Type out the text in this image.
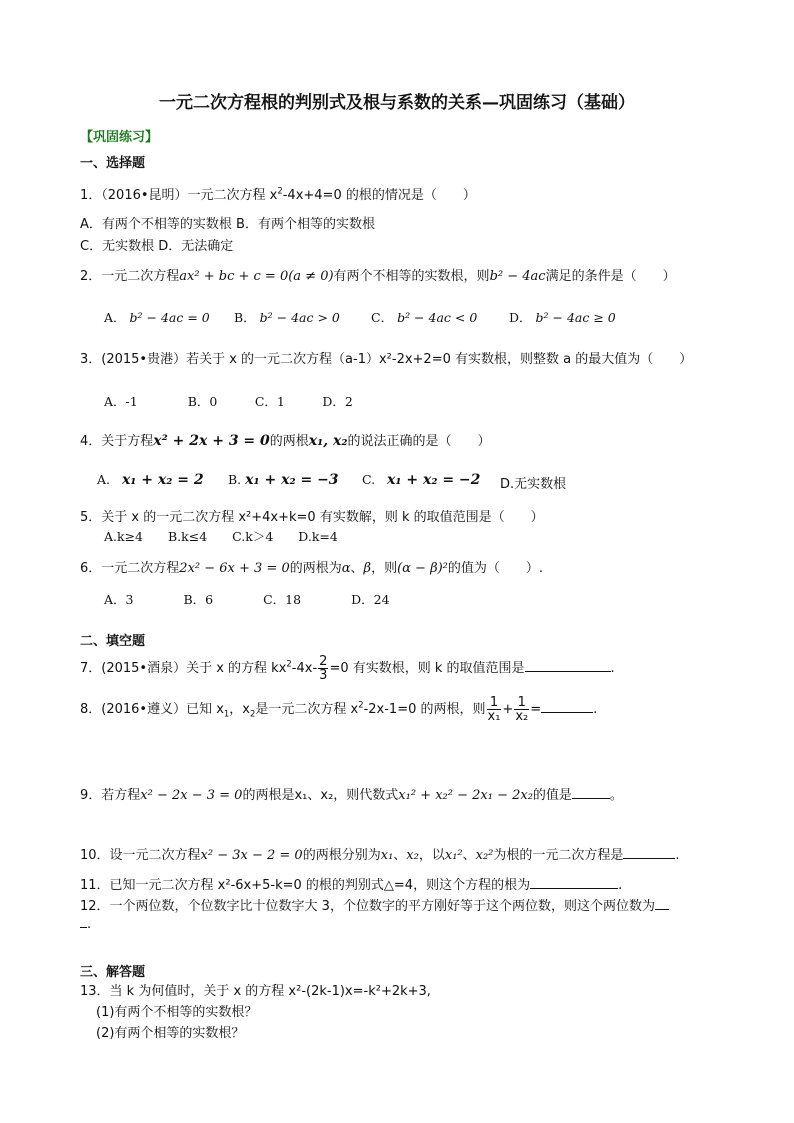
一元二次方程根的判别式及根与系数的关系—巩固练习（基础）
【巩固练习】
一、选择题
1．（2016•昆明）一元二次方程 $x^2-4x+4=0$ 的根的情况是（　　）
A．有两个不相等的实数根 B．有两个相等的实数根
C．无实数根 D．无法确定
2．一元二次方程ax² + bc + c = 0(a ≠ 0)有两个不相等的实数根，则b² − 4ac满足的条件是（　　）
A． b² − 4ac = 0 B． b² − 4ac > 0 C． b² − 4ac < 0	D． b² − 4ac ≥ 0
3．(2015•贵港）若关于 x 的一元二次方程（a-1）x²-2x+2=0 有实数根，则整数 a 的最大值为（　　）
A．-1　　　　B．0　　　C．1　　　D．2
4．关于方程x² + 2x + 3 = 0的两根x₁, x₂的说法正确的是（　　）
A. x₁ + x₂ = 2 B. x₁ + x₂ = −3 C. x₁ + x₂ = −2 D.无实数根
5．关于 x 的一元二次方程 x²+4x+k=0 有实数解，则 k 的取值范围是（　　）
A.k≥4　　B.k≤4　　C.k＞4　　D.k=4
6．一元二次方程2x² − 6x + 3 = 0的两根为α、β，则(α − β)²的值为（　　）.
A．3　　　　B．6　　　　C．18　　　　D．24
二、填空题
7．(2015•酒泉）关于 x 的方程 $kx^2-4x- \frac{2}{3} =0$ 有实数根，则 k 的取值范围是	.
8．(2016•遵义）已知 $x_1$，$x_2$是一元二次方程 $x^2-2x-1=0$ 的两根，则 $\frac{1}{\text{x₁}} + \frac{1}{\text{x₂}}$ =	.
9．若方程x² − 2x − 3 = 0的两根是x₁、x₂，则代数式x₁² + x₂² − 2x₁ − 2x₂的值是	。
10．设一元二次方程x² − 3x − 2 = 0的两根分别为x₁、x₂，以x₁²、x₂²为根的一元二次方程是	.
11．已知一元二次方程 x²-6x+5-k=0 的根的判别式△=4，则这个方程的根为	.
12．一个两位数，个位数字比十位数字大 3，个位数字的平方刚好等于这个两位数，则这个两位数为
.
三、解答题
13．当 k 为何值时，关于 x 的方程 x²-(2k-1)x=-k²+2k+3,
(1)有两个不相等的实数根？
(2)有两个相等的实数根？
